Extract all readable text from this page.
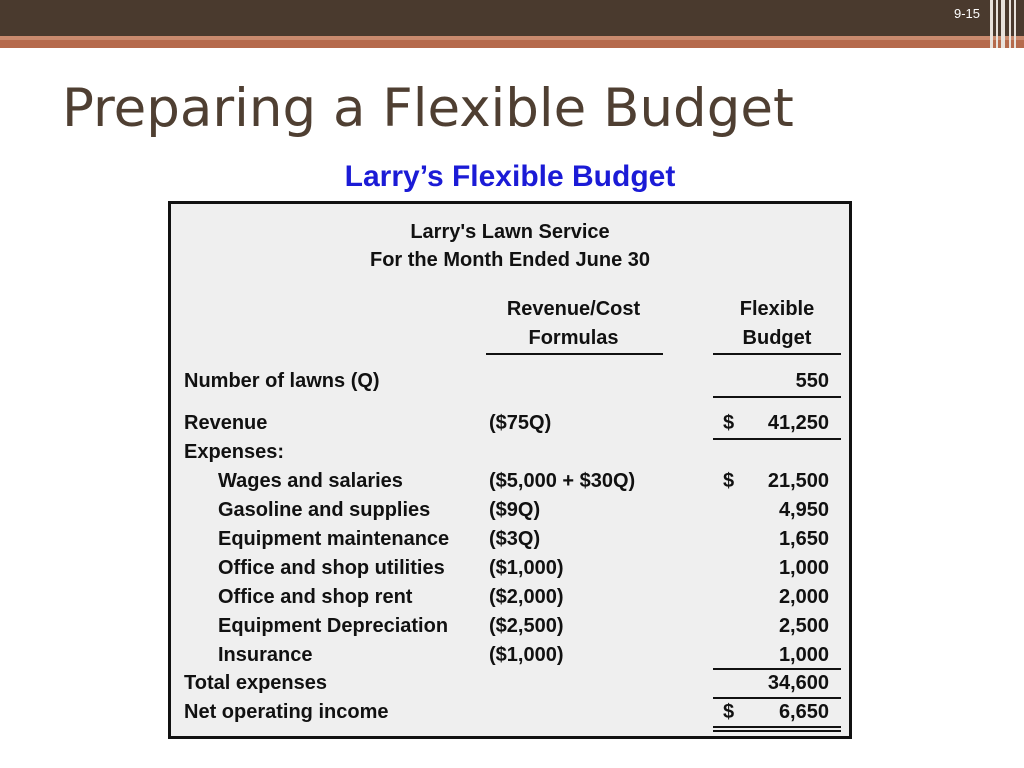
9-15
Preparing a Flexible Budget
Larry’s Flexible Budget
Larry's Lawn Service
For the Month Ended June 30
Revenue/Cost
Formulas
Flexible
Budget
Number of lawns (Q)	550
Revenue	($75Q)	$	41,250
Expenses:
Wages and salaries	($5,000 + $30Q)	$	21,500
Gasoline and supplies	($9Q)	4,950
Equipment maintenance ($3Q)	1,650
Office and shop utilities ($1,000)	1,000
Office and shop rent	($2,000)	2,000
Equipment Depreciation ($2,500)	2,500
Insurance	($1,000)	1,000
Total expenses	34,600
Net operating income	$	6,650
